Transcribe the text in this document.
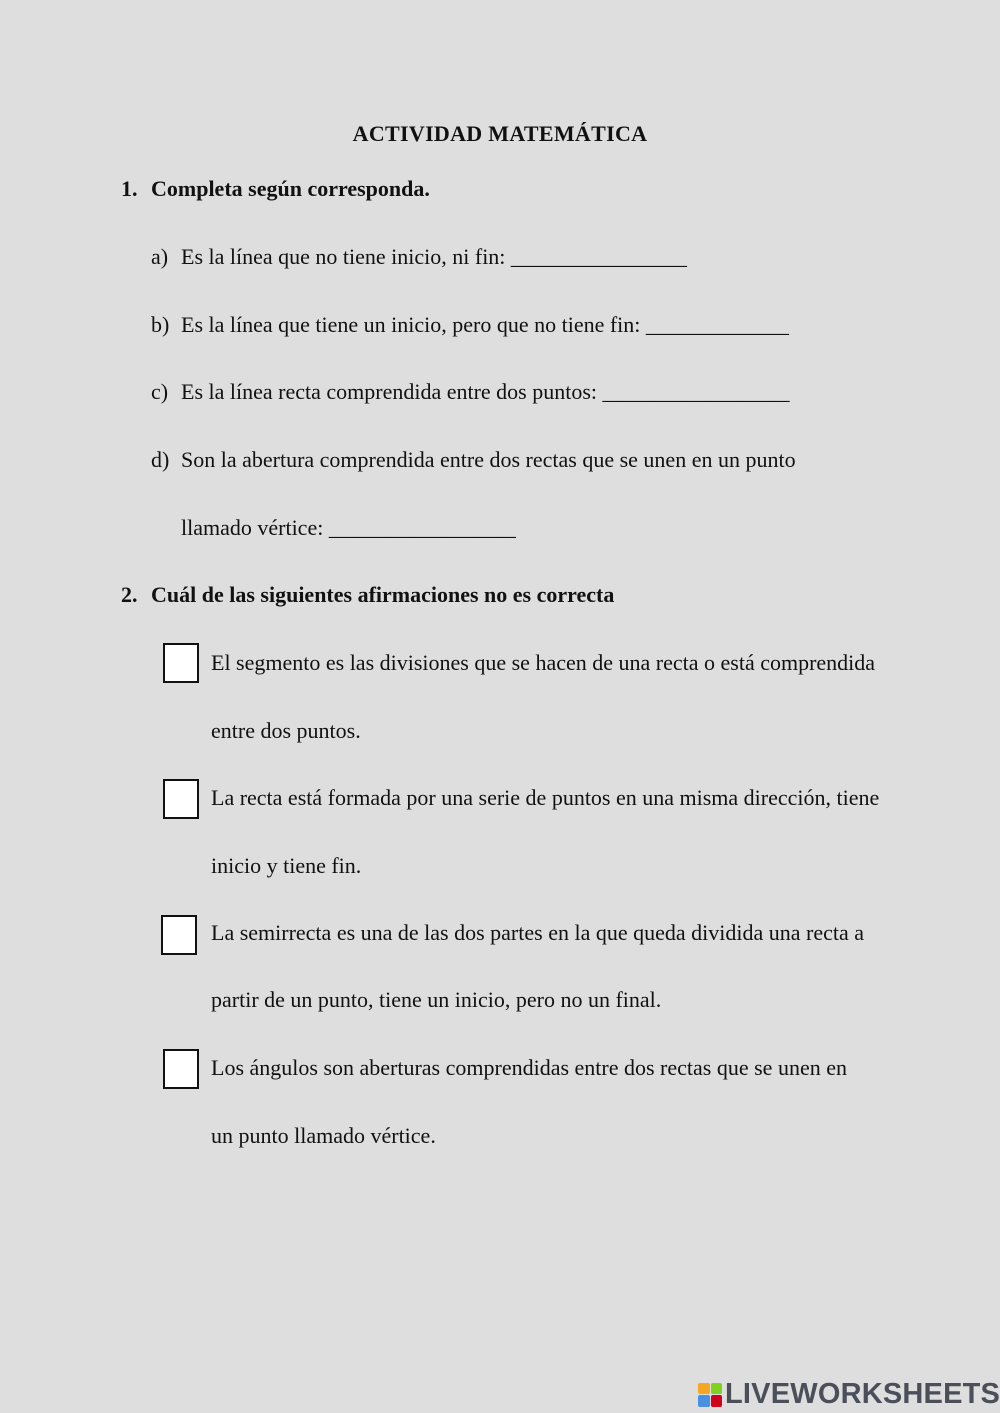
ACTIVIDAD MATEMÁTICA
1. Completa según corresponda.
a) Es la línea que no tiene inicio, ni fin: ________________
b) Es la línea que tiene un inicio, pero que no tiene fin: _____________
c) Es la línea recta comprendida entre dos puntos: _________________
d) Son la abertura comprendida entre dos rectas que se unen en un punto
llamado vértice: _________________
2. Cuál de las siguientes afirmaciones no es correcta
El segmento es las divisiones que se hacen de una recta o está comprendida
entre dos puntos.
La recta está formada por una serie de puntos en una misma dirección, tiene
inicio y tiene fin.
La semirrecta es una de las dos partes en la que queda dividida una recta a
partir de un punto, tiene un inicio, pero no un final.
Los ángulos son aberturas comprendidas entre dos rectas que se unen en
un punto llamado vértice.
LIVEWORKSHEETS
